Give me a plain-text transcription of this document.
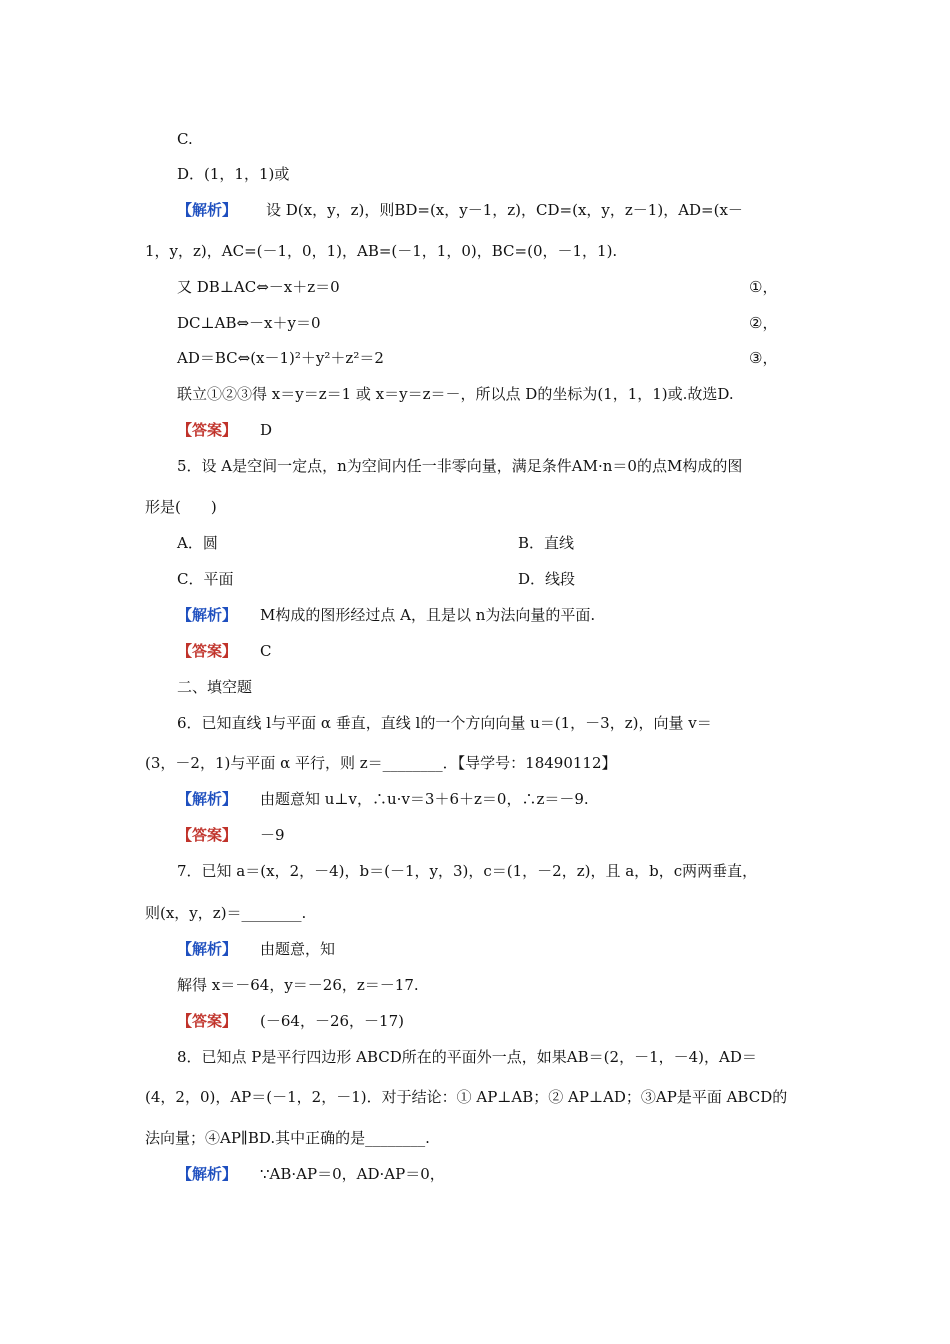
C.
D．(1，1，1)或
【解析】 设 D(x，y，z)，则BD=(x，y－1，z)，CD=(x，y，z－1)，AD=(x－
1，y，z)，AC=(－1，0，1)，AB=(－1，1，0)，BC=(0，－1，1).
又 DB⊥AC⇔－x＋z＝0	①，
DC⊥AB⇔－x＋y＝0	②，
AD＝BC⇔(x－1)²＋y²＋z²＝2	③，
联立①②③得 x＝y＝z＝1 或 x＝y＝z＝－，所以点 D的坐标为(1，1，1)或.故选D.
【答案】 D
5．设 A是空间一定点，n为空间内任一非零向量，满足条件AM·n＝0的点M构成的图
形是(　　)
A．圆	B．直线
C．平面	D．线段
【解析】 M构成的图形经过点 A，且是以 n为法向量的平面.
【答案】 C
二、填空题
6．已知直线 l与平面 α 垂直，直线 l的一个方向向量 u＝(1，－3，z)，向量 v＝
(3，－2，1)与平面 α 平行，则 z＝________．【导学号：18490112】
【解析】 由题意知 u⊥v，∴u·v＝3＋6＋z＝0，∴z＝－9.
【答案】 －9
7．已知 a＝(x，2，－4)，b＝(－1，y，3)，c＝(1，－2，z)，且 a，b，c两两垂直，
则(x，y，z)＝________.
【解析】 由题意，知
解得 x＝－64，y＝－26，z＝－17.
【答案】 (－64，－26，－17)
8．已知点 P是平行四边形 ABCD所在的平面外一点，如果AB＝(2，－1，－4)，AD＝
(4，2，0)，AP＝(－1，2，－1)．对于结论：① AP⊥AB；② AP⊥AD；③AP是平面 ABCD的
法向量；④AP∥BD.其中正确的是________.
【解析】 ∵AB·AP＝0，AD·AP＝0，
